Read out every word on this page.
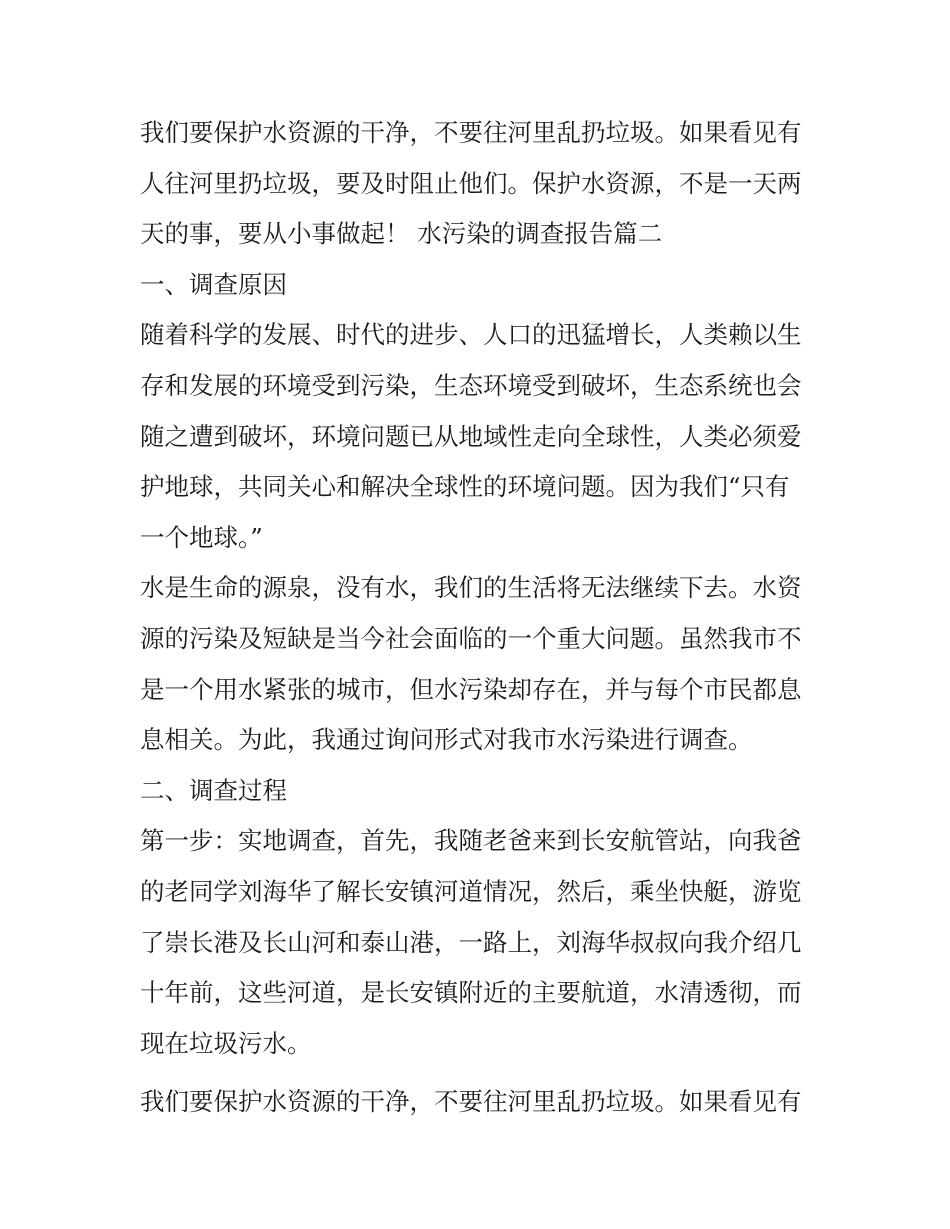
我们要保护水资源的干净，不要往河里乱扔垃圾。如果看见有
人往河里扔垃圾，要及时阻止他们。保护水资源，不是一天两
天的事，要从小事做起！ 水污染的调查报告篇二
一、调查原因
随着科学的发展、时代的进步、人口的迅猛增长，人类赖以生
存和发展的环境受到污染，生态环境受到破坏，生态系统也会
随之遭到破坏，环境问题已从地域性走向全球性，人类必须爱
护地球，共同关心和解决全球性的环境问题。因为我们“只有
一个地球。”
水是生命的源泉，没有水，我们的生活将无法继续下去。水资
源的污染及短缺是当今社会面临的一个重大问题。虽然我市不
是一个用水紧张的城市，但水污染却存在，并与每个市民都息
息相关。为此，我通过询问形式对我市水污染进行调查。
二、调查过程
第一步：实地调查，首先，我随老爸来到长安航管站，向我爸
的老同学刘海华了解长安镇河道情况，然后，乘坐快艇，游览
了崇长港及长山河和泰山港，一路上，刘海华叔叔向我介绍几
十年前，这些河道，是长安镇附近的主要航道，水清透彻，而
现在垃圾污水。
我们要保护水资源的干净，不要往河里乱扔垃圾。如果看见有
